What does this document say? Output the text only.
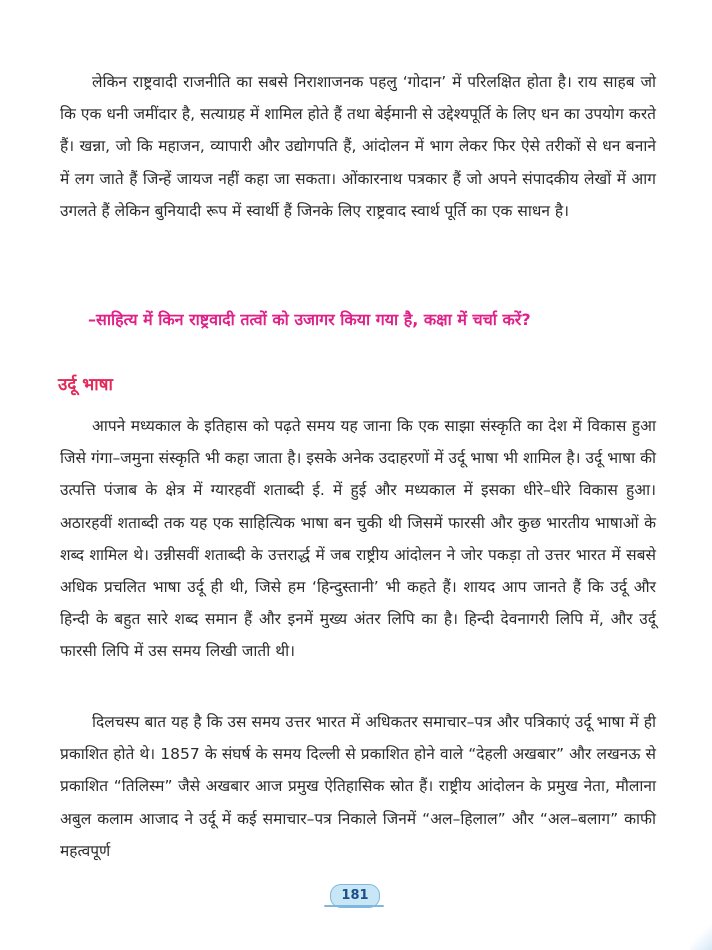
लेकिन राष्ट्रवादी राजनीति का सबसे निराशाजनक पहलु ‘गोदान’ में परिलक्षित होता है। राय साहब जो कि एक धनी जमींदार है, सत्याग्रह में शामिल होते हैं तथा बेईमानी से उद्देश्यपूर्ति के लिए धन का उपयोग करते हैं। खन्ना, जो कि महाजन, व्यापारी और उद्योगपति हैं, आंदोलन में भाग लेकर फिर ऐसे तरीकों से धन बनाने में लग जाते हैं जिन्हें जायज नहीं कहा जा सकता। ओंकारनाथ पत्रकार हैं जो अपने संपादकीय लेखों में आग उगलते हैं लेकिन बुनियादी रूप में स्वार्थी हैं जिनके लिए राष्ट्रवाद स्वार्थ पूर्ति का एक साधन है।

–साहित्य में किन राष्ट्रवादी तत्वों को उजागर किया गया है, कक्षा में चर्चा करें?

उर्दू भाषा

आपने मध्यकाल के इतिहास को पढ़ते समय यह जाना कि एक साझा संस्कृति का देश में विकास हुआ जिसे गंगा–जमुना संस्कृति भी कहा जाता है। इसके अनेक उदाहरणों में उर्दू भाषा भी शामिल है। उर्दू भाषा की उत्पत्ति पंजाब के क्षेत्र में ग्यारहवीं शताब्दी ई. में हुई और मध्यकाल में इसका धीरे–धीरे विकास हुआ। अठारहवीं शताब्दी तक यह एक साहित्यिक भाषा बन चुकी थी जिसमें फारसी और कुछ भारतीय भाषाओं के शब्द शामिल थे। उन्नीसवीं शताब्दी के उत्तरार्द्ध में जब राष्ट्रीय आंदोलन ने जोर पकड़ा तो उत्तर भारत में सबसे अधिक प्रचलित भाषा उर्दू ही थी, जिसे हम ‘हिन्दुस्तानी’ भी कहते हैं। शायद आप जानते हैं कि उर्दू और हिन्दी के बहुत सारे शब्द समान हैं और इनमें मुख्य अंतर लिपि का है। हिन्दी देवनागरी लिपि में, और उर्दू फारसी लिपि में उस समय लिखी जाती थी।

दिलचस्प बात यह है कि उस समय उत्तर भारत में अधिकतर समाचार–पत्र और पत्रिकाएं उर्दू भाषा में ही प्रकाशित होते थे। 1857 के संघर्ष के समय दिल्ली से प्रकाशित होने वाले “देहली अखबार” और लखनऊ से प्रकाशित “तिलिस्म” जैसे अखबार आज प्रमुख ऐतिहासिक स्रोत हैं। राष्ट्रीय आंदोलन के प्रमुख नेता, मौलाना अबुल कलाम आजाद ने उर्दू में कई समाचार–पत्र निकाले जिनमें “अल–हिलाल” और “अल–बलाग” काफी महत्वपूर्ण

181
